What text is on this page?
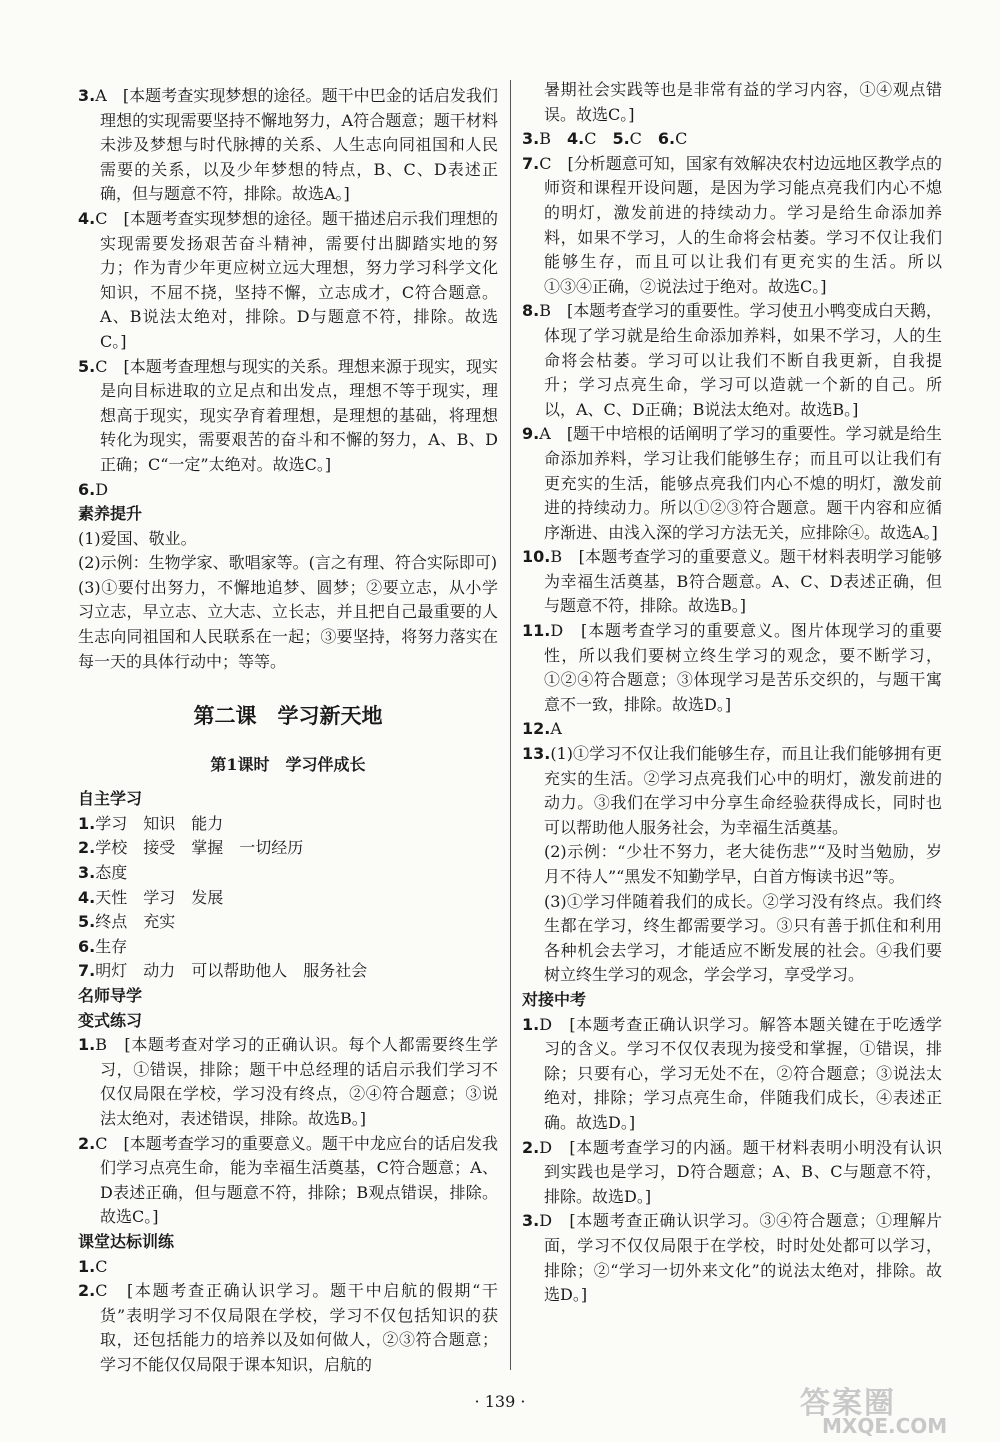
3.A　[本题考查实现梦想的途径。题干中巴金的话启发我们理想的实现需要坚持不懈地努力，A符合题意；题干材料未涉及梦想与时代脉搏的关系、人生志向同祖国和人民需要的关系，以及少年梦想的特点，B、C、D表述正确，但与题意不符，排除。故选A。]

4.C　[本题考查实现梦想的途径。题干描述启示我们理想的实现需要发扬艰苦奋斗精神，需要付出脚踏实地的努力；作为青少年更应树立远大理想，努力学习科学文化知识，不屈不挠，坚持不懈，立志成才，C符合题意。A、B说法太绝对，排除。D与题意不符，排除。故选C。]

5.C　[本题考查理想与现实的关系。理想来源于现实，现实是向目标进取的立足点和出发点，理想不等于现实，理想高于现实，现实孕育着理想，是理想的基础，将理想转化为现实，需要艰苦的奋斗和不懈的努力，A、B、D正确；C“一定”太绝对。故选C。]

6.D

素养提升

(1)爱国、敬业。

(2)示例：生物学家、歌唱家等。(言之有理、符合实际即可)

(3)①要付出努力，不懈地追梦、圆梦；②要立志，从小学习立志，早立志、立大志、立长志，并且把自己最重要的人生志向同祖国和人民联系在一起；③要坚持，将努力落实在每一天的具体行动中；等等。

第二课　学习新天地
第1课时　学习伴成长
自主学习

1.学习　知识　能力

2.学校　接受　掌握　一切经历

3.态度

4.天性　学习　发展

5.终点　充实

6.生存

7.明灯　动力　可以帮助他人　服务社会

名师导学
变式练习

1.B　[本题考查对学习的正确认识。每个人都需要终生学习，①错误，排除；题干中总经理的话启示我们学习不仅仅局限在学校，学习没有终点，②④符合题意；③说法太绝对，表述错误，排除。故选B。]

2.C　[本题考查学习的重要意义。题干中龙应台的话启发我们学习点亮生命，能为幸福生活奠基，C符合题意；A、D表述正确，但与题意不符，排除；B观点错误，排除。故选C。]

课堂达标训练

1.C

2.C　[本题考查正确认识学习。题干中启航的假期“干货”表明学习不仅局限在学校，学习不仅包括知识的获取，还包括能力的培养以及如何做人，②③符合题意；学习不能仅仅局限于课本知识，启航的

暑期社会实践等也是非常有益的学习内容，①④观点错误。故选C。]

3.B　4.C　5.C　6.C

7.C　[分析题意可知，国家有效解决农村边远地区教学点的师资和课程开设问题，是因为学习能点亮我们内心不熄的明灯，激发前进的持续动力。学习是给生命添加养料，如果不学习，人的生命将会枯萎。学习不仅让我们能够生存，而且可以让我们有更充实的生活。所以①③④正确，②说法过于绝对。故选C。]

8.B　[本题考查学习的重要性。学习使丑小鸭变成白天鹅，体现了学习就是给生命添加养料，如果不学习，人的生命将会枯萎。学习可以让我们不断自我更新，自我提升；学习点亮生命，学习可以造就一个新的自己。所以，A、C、D正确；B说法太绝对。故选B。]

9.A　[题干中培根的话阐明了学习的重要性。学习就是给生命添加养料，学习让我们能够生存；而且可以让我们有更充实的生活，能够点亮我们内心不熄的明灯，激发前进的持续动力。所以①②③符合题意。题干内容和应循序渐进、由浅入深的学习方法无关，应排除④。故选A。]

10.B　[本题考查学习的重要意义。题干材料表明学习能够为幸福生活奠基，B符合题意。A、C、D表述正确，但与题意不符，排除。故选B。]

11.D　[本题考查学习的重要意义。图片体现学习的重要性，所以我们要树立终生学习的观念，要不断学习，①②④符合题意；③体现学习是苦乐交织的，与题干寓意不一致，排除。故选D。]

12.A

13.(1)①学习不仅让我们能够生存，而且让我们能够拥有更充实的生活。②学习点亮我们心中的明灯，激发前进的动力。③我们在学习中分享生命经验获得成长，同时也可以帮助他人服务社会，为幸福生活奠基。

(2)示例：“少壮不努力，老大徒伤悲”“及时当勉励，岁月不待人”“黑发不知勤学早，白首方悔读书迟”等。

(3)①学习伴随着我们的成长。②学习没有终点。我们终生都在学习，终生都需要学习。③只有善于抓住和利用各种机会去学习，才能适应不断发展的社会。④我们要树立终生学习的观念，学会学习，享受学习。

对接中考

1.D　[本题考查正确认识学习。解答本题关键在于吃透学习的含义。学习不仅仅表现为接受和掌握，①错误，排除；只要有心，学习无处不在，②符合题意；③说法太绝对，排除；学习点亮生命，伴随我们成长，④表述正确。故选D。]

2.D　[本题考查学习的内涵。题干材料表明小明没有认识到实践也是学习，D符合题意；A、B、C与题意不符，排除。故选D。]

3.D　[本题考查正确认识学习。③④符合题意；①理解片面，学习不仅仅局限于在学校，时时处处都可以学习，排除；②“学习一切外来文化”的说法太绝对，排除。故选D。]

· 139 ·	答案圈
MXQE.COM
